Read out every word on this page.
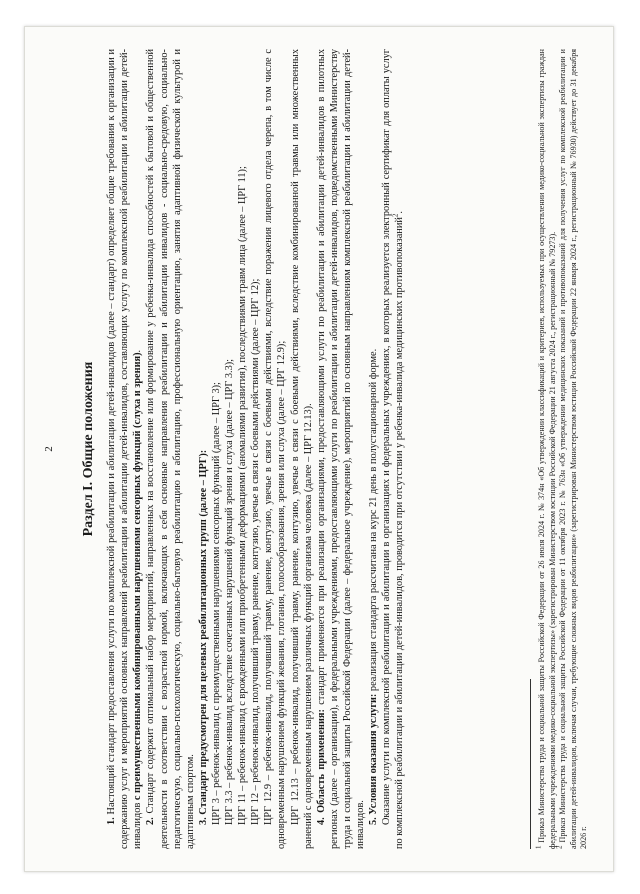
2 Раздел I. Общие положения

1. Настоящий стандарт предоставления услуги по комплексной реабилитации и абилитации детей-инвалидов (далее – стандарт) определяет общие требования к организации и содержанию услуг и мероприятий основных направлений реабилитации и абилитации детей-инвалидов, составляющих услугу по комплексной реабилитации и абилитации детей-инвалидов с преимущественными комбинированными нарушениями сенсорных функций (слуха и зрения).

2. Стандарт содержит оптимальный набор мероприятий, направленных на восстановление или формирование у ребенка-инвалида способностей к бытовой и общественной деятельности в соответствии с возрастной нормой, включающих в себя основные направления реабилитации и абилитации инвалидов - социально-средовую, социально-педагогическую, социально-психологическую, социально-бытовую реабилитацию и абилитацию, профессиональную ориентацию, занятия адаптивной физической культурой и адаптивным спортом. 3. Стандарт предусмотрен для целевых реабилитационных групп (далее – ЦРГ): ЦРГ 3 – ребенок-инвалид с преимущественными нарушениями сенсорных функций (далее – ЦРГ 3); ЦРГ 3.3 – ребенок-инвалид вследствие сочетанных нарушений функций зрения и слуха (далее – ЦРГ 3.3); ЦРГ 11 – ребенок-инвалид с врожденными или приобретенными деформациями (аномалиями развития), последствиями травм лица (далее – ЦРГ 11); ЦРГ 12 – ребенок-инвалид, получивший травму, ранение, контузию, увечье в связи с боевыми действиями (далее – ЦРГ 12); ЦРГ 12.9 – ребенок-инвалид, получивший травму, ранение, контузию, увечье в связи с боевыми действиями, вследствие поражения лицевого отдела черепа, в том числе с одновременным нарушением функций жевания, глотания, голосообразования, зрения или слуха (далее – ЦРГ 12.9); ЦРГ 12.13 – ребенок-инвалид, получивший травму, ранение, контузию, увечье в связи с боевыми действиями, вследствие комбинированной травмы или множественных ранений с одновременным нарушением различных функций организма человека (далее – ЦРГ 12.13). 4. Область применения: стандарт применяется при реализации организациями, предоставляющими услуги по реабилитации и абилитации детей-инвалидов в пилотных регионах (далее – организации), и федеральными учреждениями, предоставляющими услуги по реабилитации и абилитации детей-инвалидов, подведомственными Министерству труда и социальной защиты Российской Федерации (далее – федеральное учреждение), мероприятий по основным направлениям комплексной реабилитации и абилитации детей-инвалидов. 5. Условия оказания услуги: реализация стандарта рассчитана на курс 21 день в полустационарной форме. Оказание услуги по комплексной реабилитации и абилитации в организациях и федеральных учреждениях, в которых реализуется электронный сертификат для оплаты услуг по комплексной реабилитации и абилитации детей-инвалидов, проводится при отсутствии у ребенка-инвалида медицинских противопоказаний$^2$.

$^1$ Приказ Министерства труда и социальной защиты Российской Федерации от 26 июля 2024 г. № 374н «Об утверждении классификаций и критериев, используемых при осуществлении медико-социальной экспертизы граждан федеральными учреждениями медико-социальной экспертизы» (зарегистрирован Министерством юстиции Российской Федерации 21 августа 2024 г., регистрационный № 79273).

$^2$ Приказ Министерства труда и социальной защиты Российской Федерации от 11 октября 2023 г. № 763н «Об утверждении медицинских показаний и противопоказаний для получения услуг по комплексной реабилитации и абилитации детей-инвалидов, включая случаи, требующие сложных видов реабилитации» (зарегистрирован Министерством юстиции Российской Федерации 22 января 2024 г., регистрационный № 76930) действует до 31 декабря 2026 г.
